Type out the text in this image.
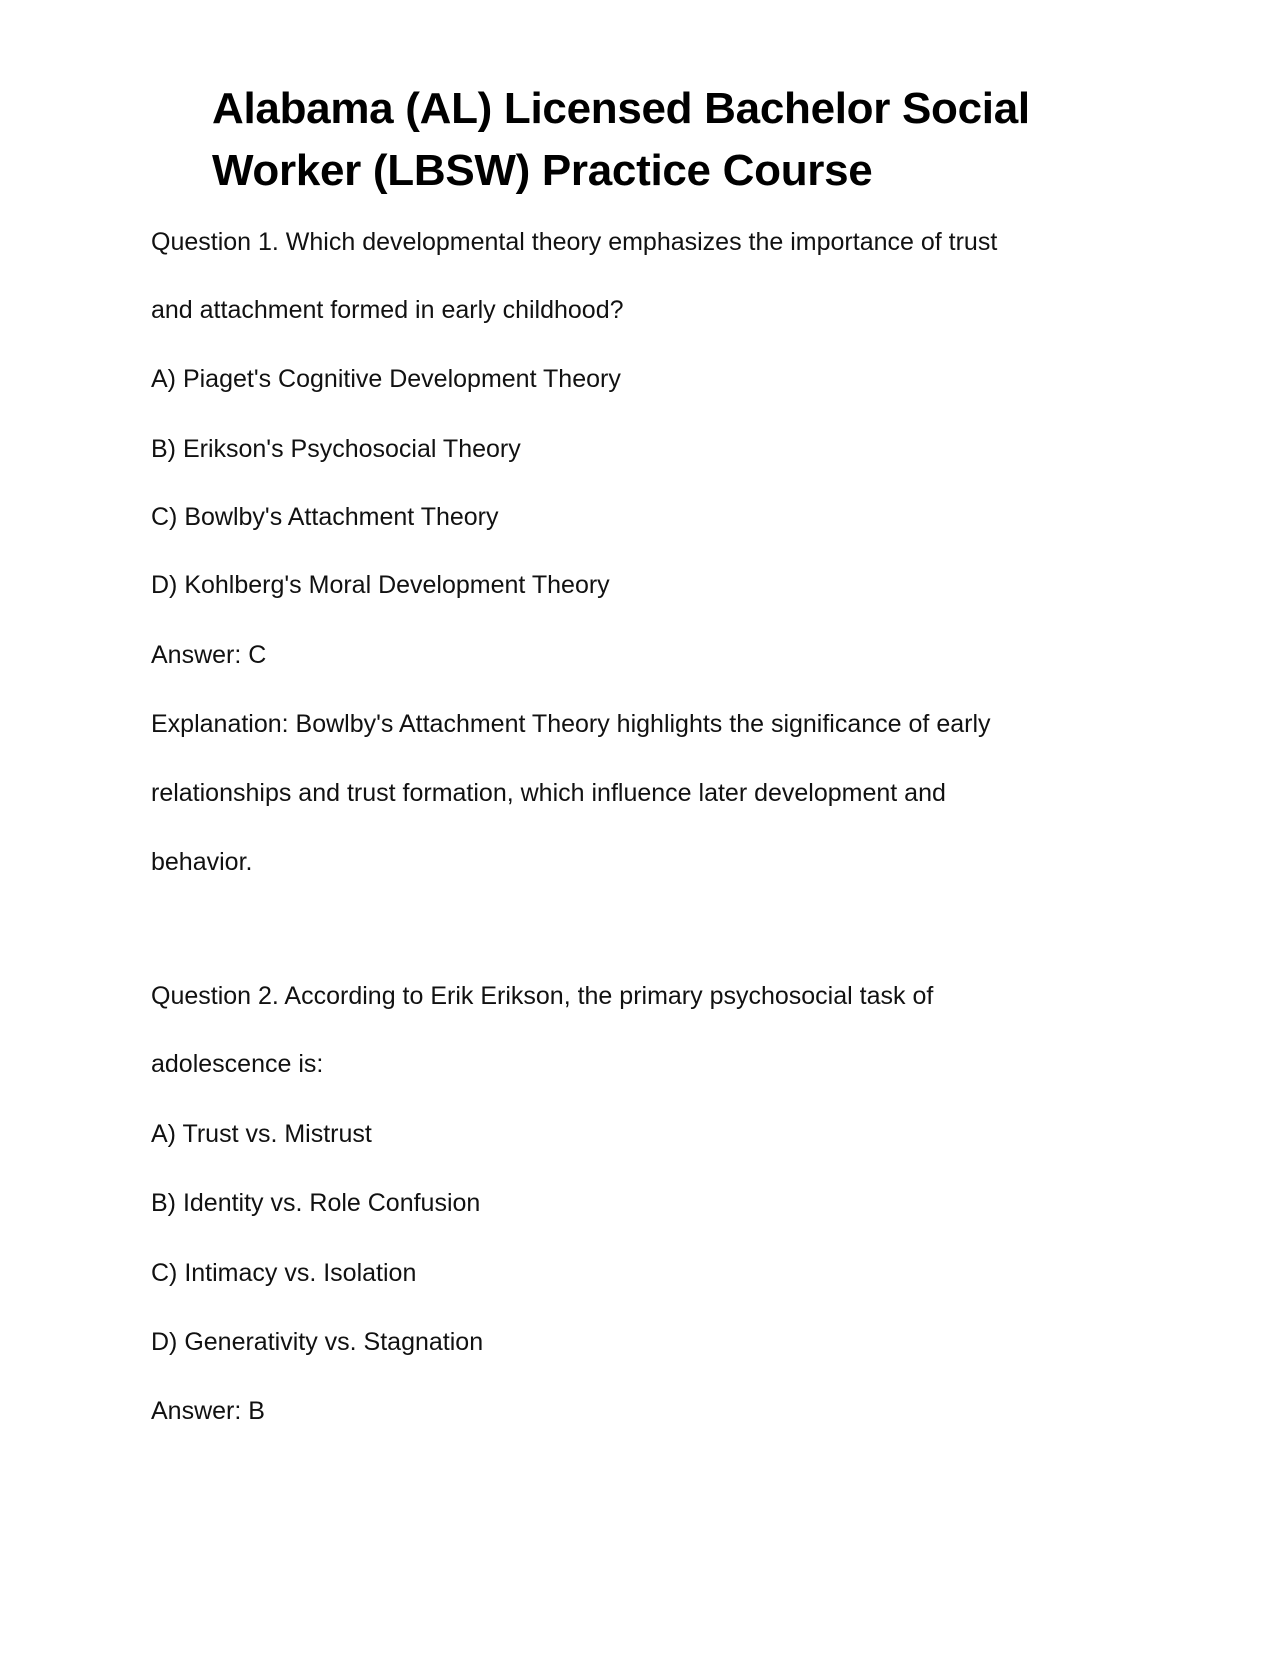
Alabama (AL) Licensed Bachelor Social Worker (LBSW) Practice Course

Question 1. Which developmental theory emphasizes the importance of trust

and attachment formed in early childhood?

A) Piaget's Cognitive Development Theory

B) Erikson's Psychosocial Theory

C) Bowlby's Attachment Theory

D) Kohlberg's Moral Development Theory

Answer: C

Explanation: Bowlby's Attachment Theory highlights the significance of early

relationships and trust formation, which influence later development and

behavior.

Question 2. According to Erik Erikson, the primary psychosocial task of

adolescence is:

A) Trust vs. Mistrust

B) Identity vs. Role Confusion

C) Intimacy vs. Isolation

D) Generativity vs. Stagnation

Answer: B
